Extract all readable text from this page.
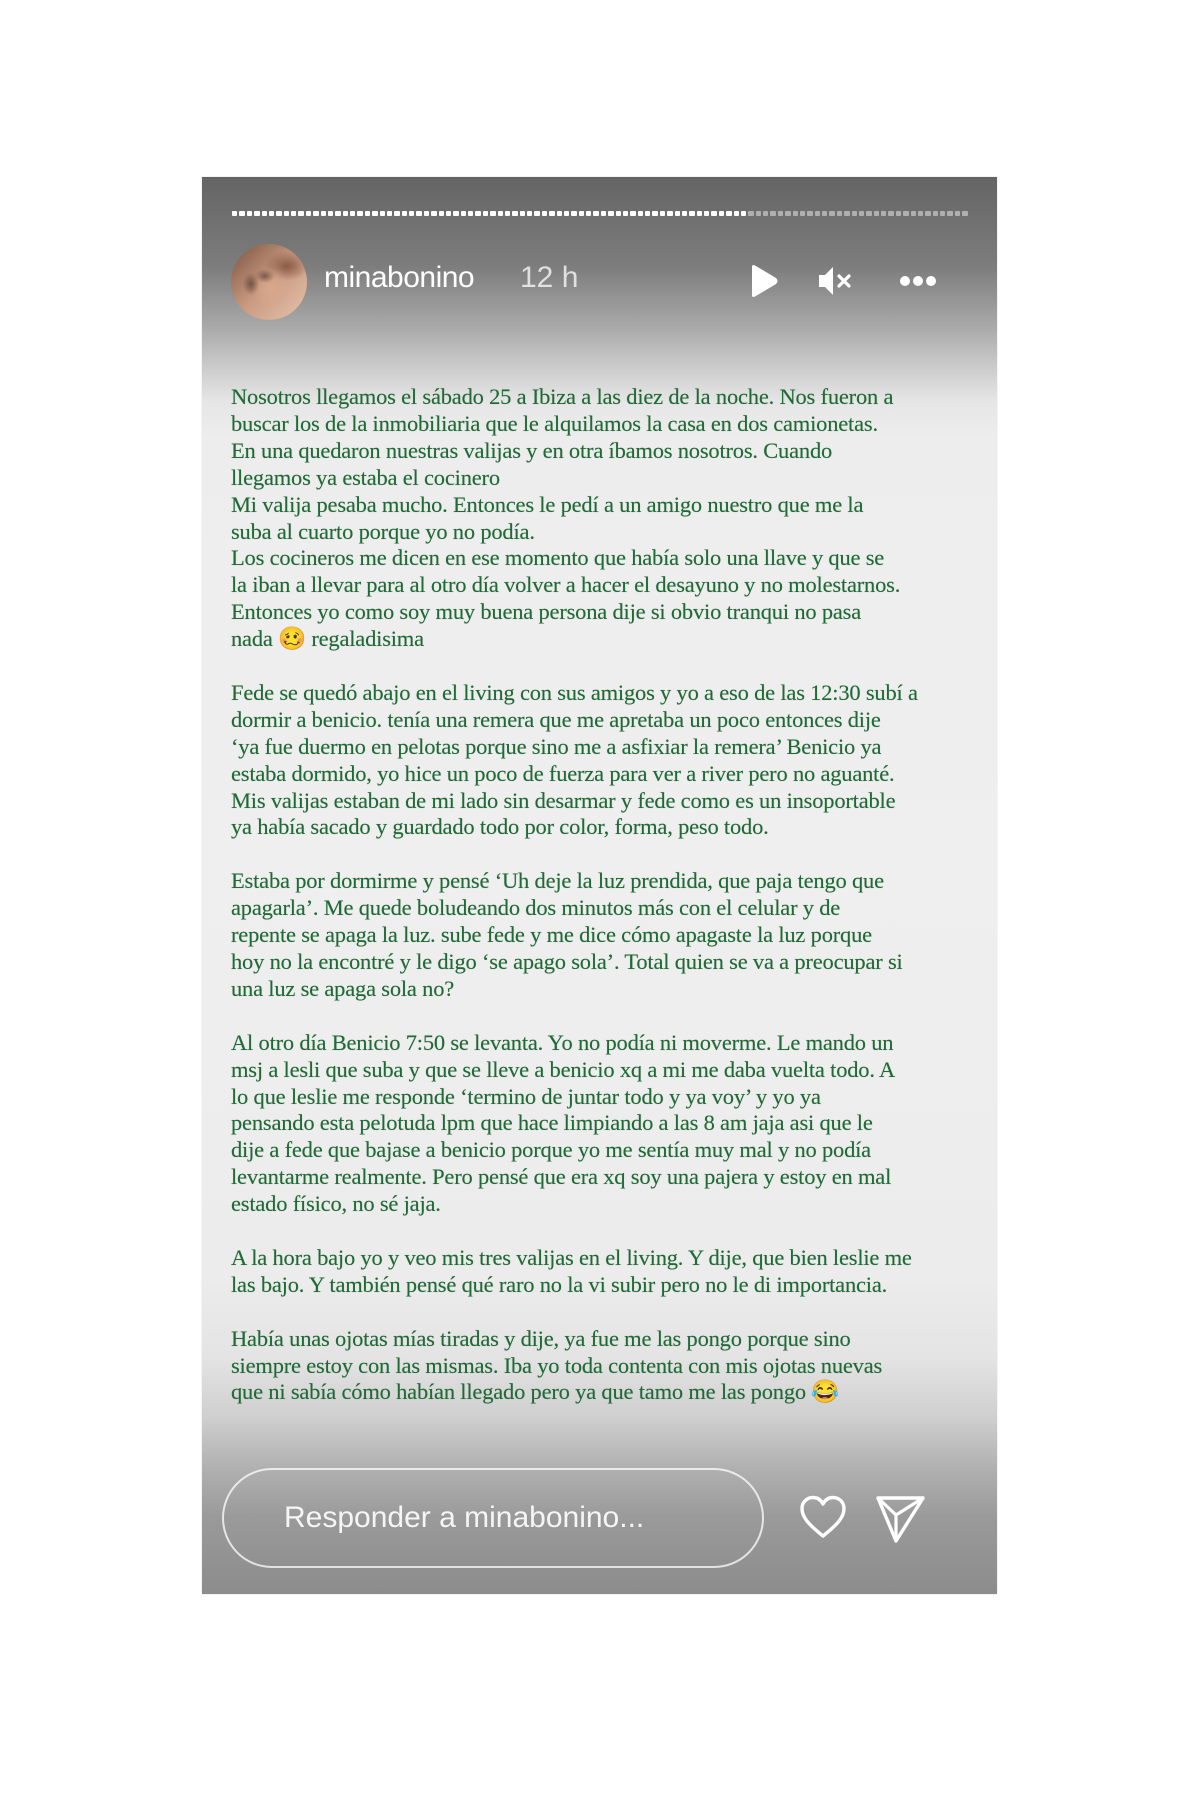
minabonino 12 h
Nosotros llegamos el sábado 25 a Ibiza a las diez de la noche. Nos fueron a
buscar los de la inmobiliaria que le alquilamos la casa en dos camionetas.
En una quedaron nuestras valijas y en otra íbamos nosotros. Cuando
llegamos ya estaba el cocinero
Mi valija pesaba mucho. Entonces le pedí a un amigo nuestro que me la
suba al cuarto porque yo no podía.
Los cocineros me dicen en ese momento que había solo una llave y que se
la iban a llevar para al otro día volver a hacer el desayuno y no molestarnos.
Entonces yo como soy muy buena persona dije si obvio tranqui no pasa
nada 🥴 regaladisima
Fede se quedó abajo en el living con sus amigos y yo a eso de las 12:30 subí a
dormir a benicio. tenía una remera que me apretaba un poco entonces dije
‘ya fue duermo en pelotas porque sino me a asfixiar la remera’ Benicio ya
estaba dormido, yo hice un poco de fuerza para ver a river pero no aguanté.
Mis valijas estaban de mi lado sin desarmar y fede como es un insoportable
ya había sacado y guardado todo por color, forma, peso todo.
Estaba por dormirme y pensé ‘Uh deje la luz prendida, que paja tengo que
apagarla’. Me quede boludeando dos minutos más con el celular y de
repente se apaga la luz. sube fede y me dice cómo apagaste la luz porque
hoy no la encontré y le digo ‘se apago sola’. Total quien se va a preocupar si
una luz se apaga sola no?
Al otro día Benicio 7:50 se levanta. Yo no podía ni moverme. Le mando un
msj a lesli que suba y que se lleve a benicio xq a mi me daba vuelta todo. A
lo que leslie me responde ‘termino de juntar todo y ya voy’ y yo ya
pensando esta pelotuda lpm que hace limpiando a las 8 am jaja asi que le
dije a fede que bajase a benicio porque yo me sentía muy mal y no podía
levantarme realmente. Pero pensé que era xq soy una pajera y estoy en mal
estado físico, no sé jaja.
A la hora bajo yo y veo mis tres valijas en el living. Y dije, que bien leslie me
las bajo. Y también pensé qué raro no la vi subir pero no le di importancia.
Había unas ojotas mías tiradas y dije, ya fue me las pongo porque sino
siempre estoy con las mismas. Iba yo toda contenta con mis ojotas nuevas
que ni sabía cómo habían llegado pero ya que tamo me las pongo 😂
Responder a minabonino...
